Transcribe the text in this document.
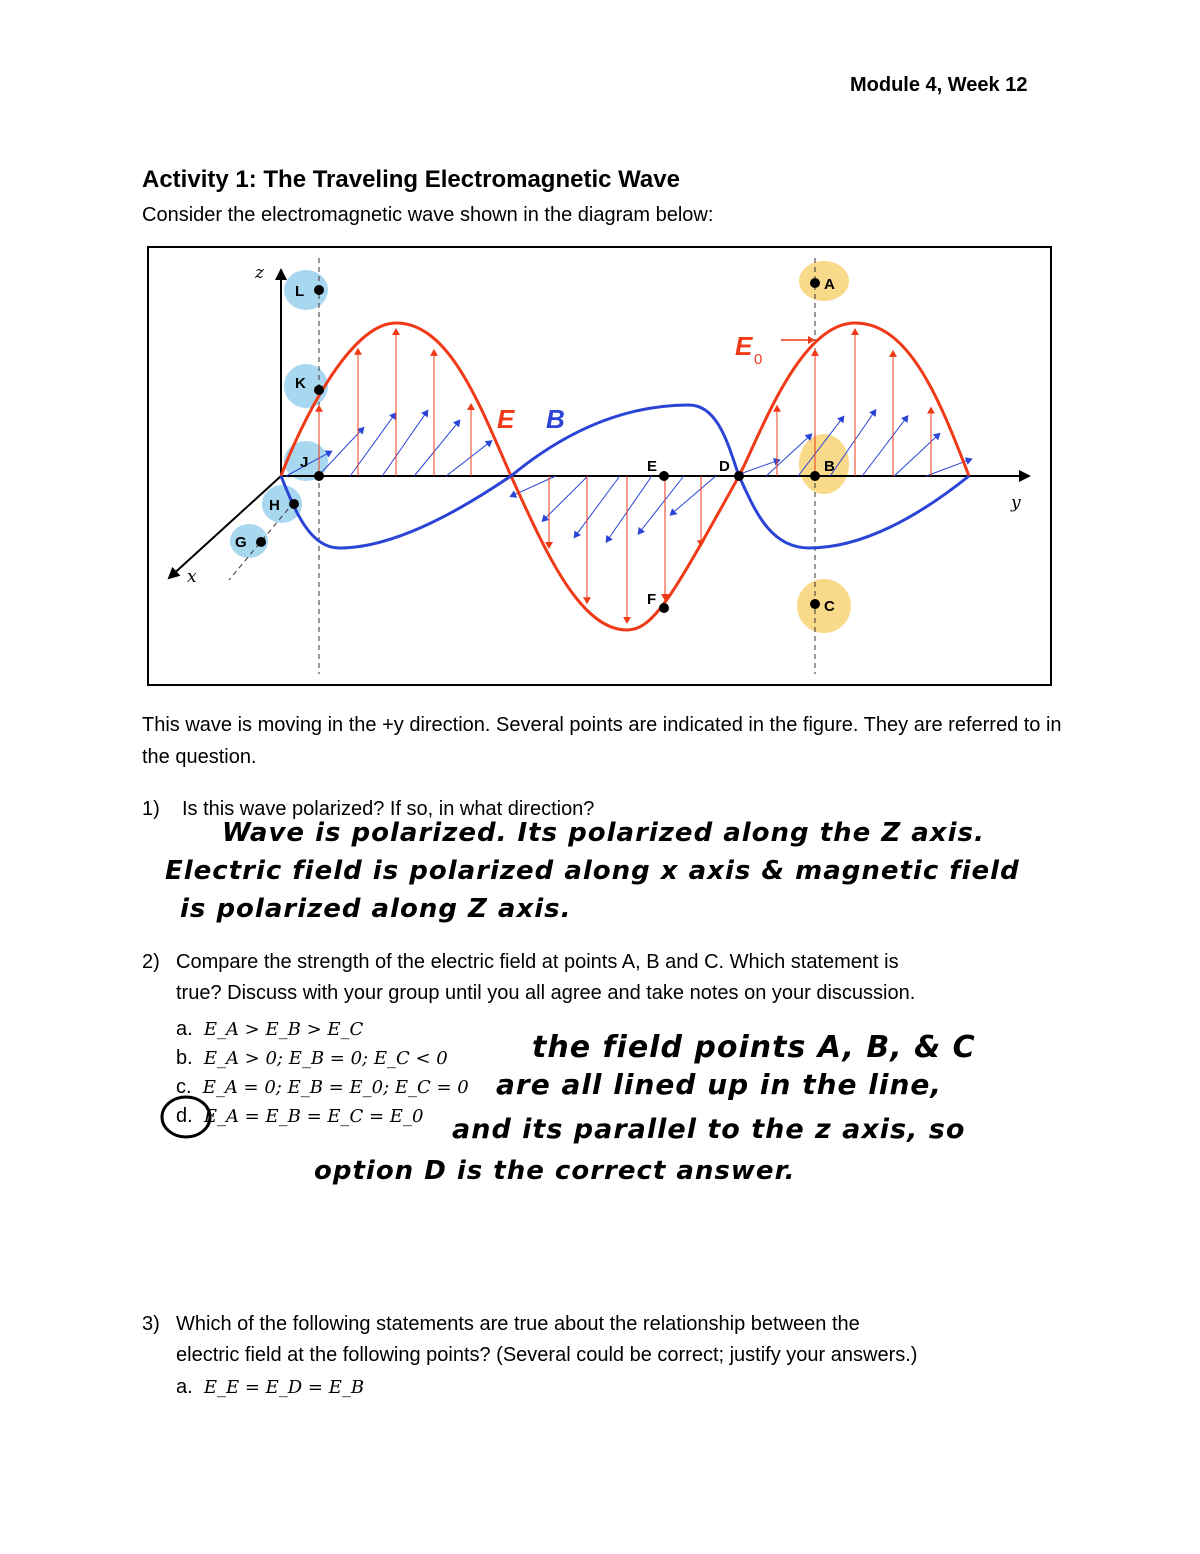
Module 4, Week 12
Activity 1: The Traveling Electromagnetic Wave
Consider the electromagnetic wave shown in the diagram below:
z
y
x
E B
E 0
L
K
J
H
G
A
B
C
D
E
F
This wave is moving in the +y direction. Several points are indicated in the figure. They are referred to in the question.
1) Is this wave polarized? If so, in what direction?
Wave is polarized. Its polarized along the Z axis.
Electric field is polarized along x axis & magnetic field
is polarized along Z axis.
2) Compare the strength of the electric field at points A, B and C. Which statement is
true? Discuss with your group until you all agree and take notes on your discussion.
a. E_A > E_B > E_C
b. E_A > 0; E_B = 0; E_C < 0
c. E_A = 0; E_B = E_0; E_C = 0
d. E_A = E_B = E_C = E_0
the field points A, B, & C
are all lined up in the line,
and its parallel to the z axis, so
option D is the correct answer.
3) Which of the following statements are true about the relationship between the
electric field at the following points? (Several could be correct; justify your answers.)
a. E_E = E_D = E_B
